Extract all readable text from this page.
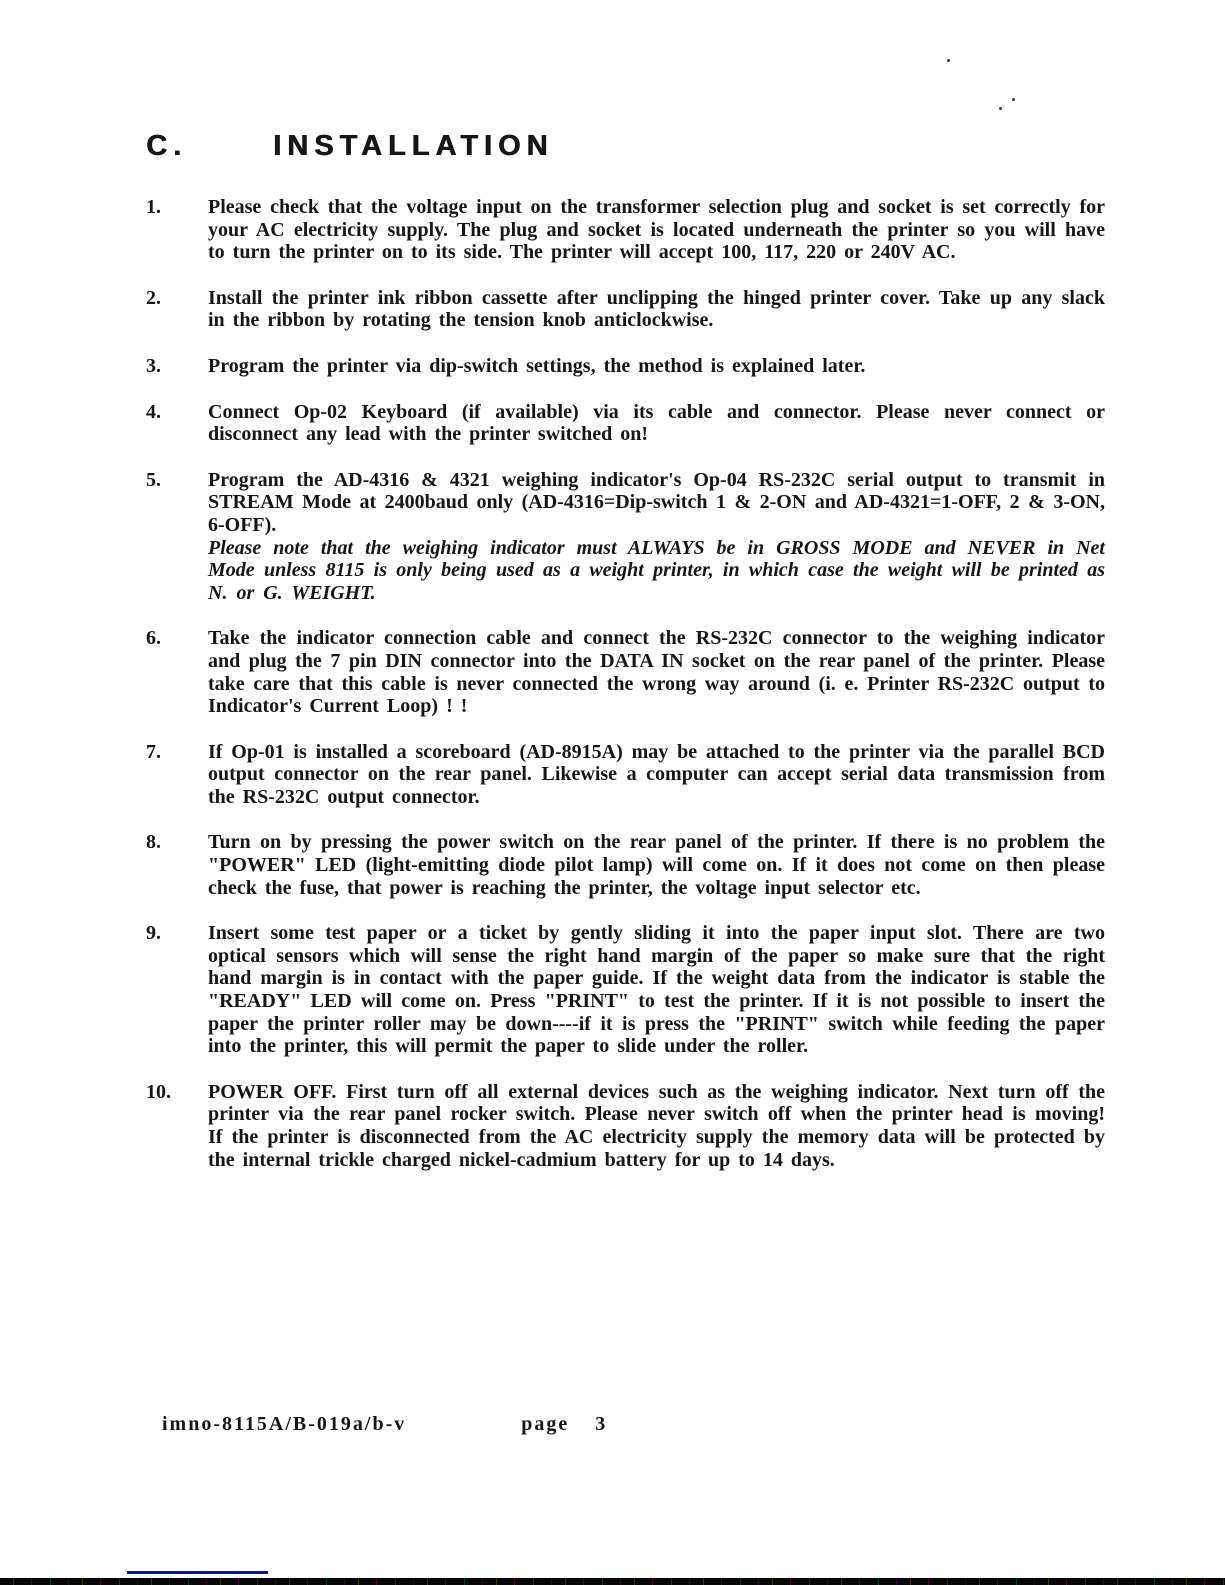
C.	INSTALLATION
1.	Please check that the voltage input on the transformer selection plug and socket is set correctly for your AC electricity supply. The plug and socket is located underneath the printer so you will have to turn the printer on to its side. The printer will accept 100, 117, 220 or 240V AC.

2.	Install the printer ink ribbon cassette after unclipping the hinged printer cover. Take up any slack in the ribbon by rotating the tension knob anticlockwise.

3.	Program the printer via dip-switch settings, the method is explained later.

4.	Connect Op-02 Keyboard (if available) via its cable and connector. Please never connect or disconnect any lead with the printer switched on!

5.	Program the AD-4316 & 4321 weighing indicator's Op-04 RS-232C serial output to transmit in STREAM Mode at 2400baud only (AD-4316=Dip-switch 1 & 2-ON and AD-4321=1-OFF, 2 & 3-ON, 6-OFF).

Please note that the weighing indicator must ALWAYS be in GROSS MODE and NEVER in Net Mode unless 8115 is only being used as a weight printer, in which case the weight will be printed as N. or G. WEIGHT.

6.	Take the indicator connection cable and connect the RS-232C connector to the weighing indicator and plug the 7 pin DIN connector into the DATA IN socket on the rear panel of the printer. Please take care that this cable is never connected the wrong way around (i. e. Printer RS-232C output to Indicator's Current Loop) ! !

7.	If Op-01 is installed a scoreboard (AD-8915A) may be attached to the printer via the parallel BCD output connector on the rear panel. Likewise a computer can accept serial data transmission from the RS-232C output connector.

8.	Turn on by pressing the power switch on the rear panel of the printer. If there is no problem the "POWER" LED (light-emitting diode pilot lamp) will come on. If it does not come on then please check the fuse, that power is reaching the printer, the voltage input selector etc.

9.	Insert some test paper or a ticket by gently sliding it into the paper input slot. There are two optical sensors which will sense the right hand margin of the paper so make sure that the right hand margin is in contact with the paper guide. If the weight data from the indicator is stable the "READY" LED will come on. Press "PRINT" to test the printer. If it is not possible to insert the paper the printer roller may be down----if it is press the "PRINT" switch while feeding the paper into the printer, this will permit the paper to slide under the roller.

10.	POWER OFF. First turn off all external devices such as the weighing indicator. Next turn off the printer via the rear panel rocker switch. Please never switch off when the printer head is moving! If the printer is disconnected from the AC electricity supply the memory data will be protected by the internal trickle charged nickel-cadmium battery for up to 14 days.

imno-8115A/B-019a/b-v	page 3
